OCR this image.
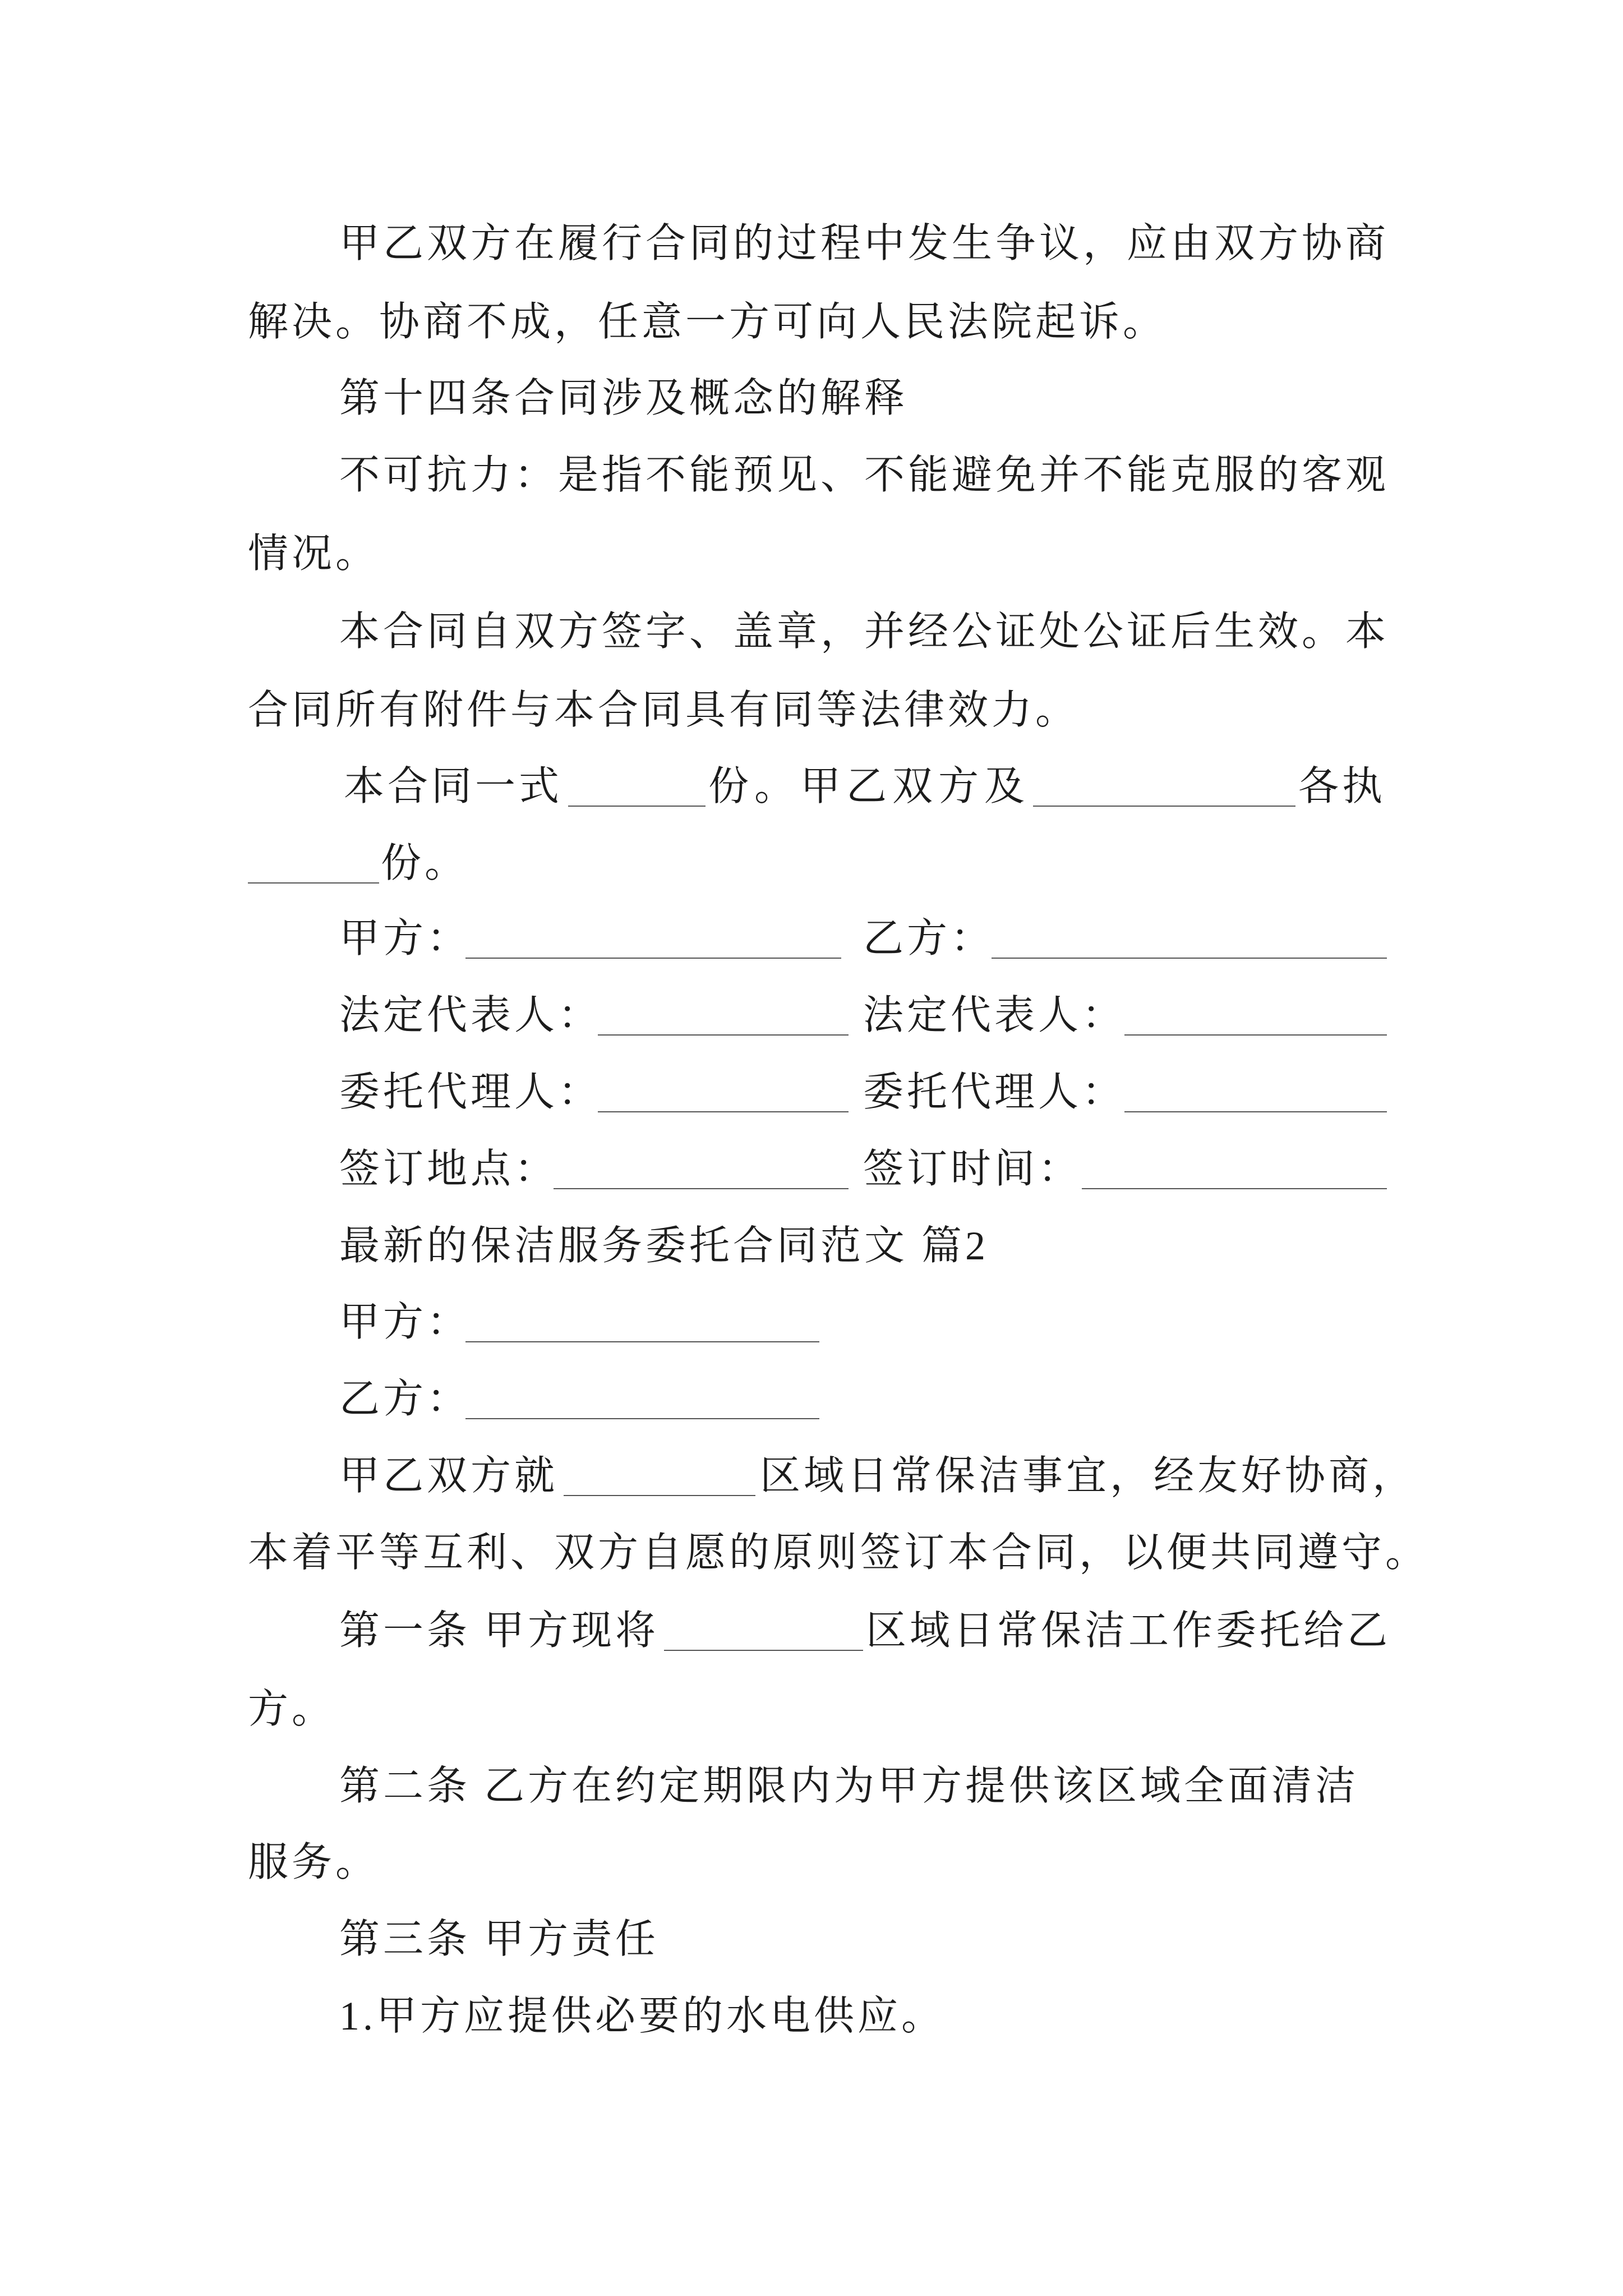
甲乙双方在履行合同的过程中发生争议，应由双方协商
解决。协商不成，任意一方可向人民法院起诉。
第十四条合同涉及概念的解释
不可抗力：是指不能预见、不能避免并不能克服的客观
情况。
本合同自双方签字、盖章，并经公证处公证后生效。本
合同所有附件与本合同具有同等法律效力。
本合同一式	份。甲乙双方及	各执
份。
甲方：	乙方：
法定代表人：	法定代表人：
委托代理人：	委托代理人：
签订地点：	签订时间：
最新的保洁服务委托合同范文 篇2
甲方：
乙方：
甲乙双方就	区域日常保洁事宜，经友好协商，
本着平等互利、双方自愿的原则签订本合同，以便共同遵守。
第一条 甲方现将	区域日常保洁工作委托给乙
方。
第二条 乙方在约定期限内为甲方提供该区域全面清洁
服务。
第三条 甲方责任
1.甲方应提供必要的水电供应。
